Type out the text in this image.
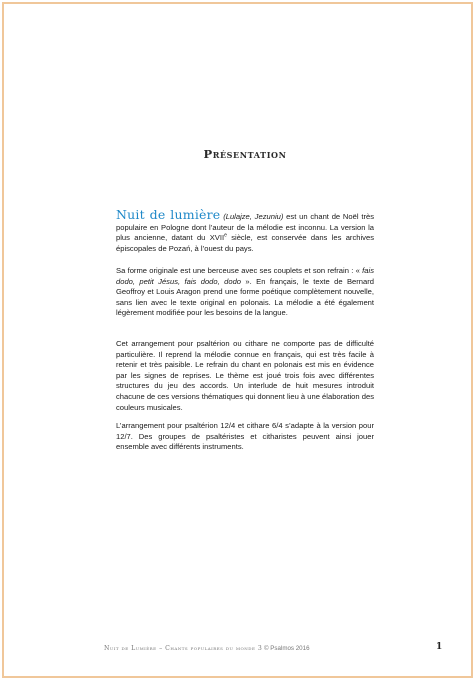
Présentation

Nuit de lumière (Lulajze, Jezuniu) est un chant de Noël très populaire en Pologne dont l’auteur de la mélodie est inconnu. La version la plus ancienne, datant du XVIIe siècle, est conservée dans les archives épiscopales de Pozań, à l’ouest du pays.

Sa forme originale est une berceuse avec ses couplets et son refrain : « fais dodo, petit Jésus, fais dodo, dodo ». En français, le texte de Bernard Geoffroy et Louis Aragon prend une forme poétique complètement nouvelle, sans lien avec le texte original en polonais. La mélodie a été également légèrement modifiée pour les besoins de la langue.

Cet arrangement pour psaltérion ou cithare ne comporte pas de difficulté particulière. Il reprend la mélodie connue en français, qui est très facile à retenir et très paisible. Le refrain du chant en polonais est mis en évidence par les signes de reprises. Le thème est joué trois fois avec différentes structures du jeu des accords. Un interlude de huit mesures introduit chacune de ces versions thématiques qui donnent lieu à une élaboration des couleurs musicales.

L’arrangement pour psaltérion 12/4 et cithare 6/4 s’adapte à la version pour 12/7. Des groupes de psaltéristes et citharistes peuvent ainsi jouer ensemble avec différents instruments.

Nuit de Lumière – Chants populaires du monde 3 © Psalmos 2016	1
